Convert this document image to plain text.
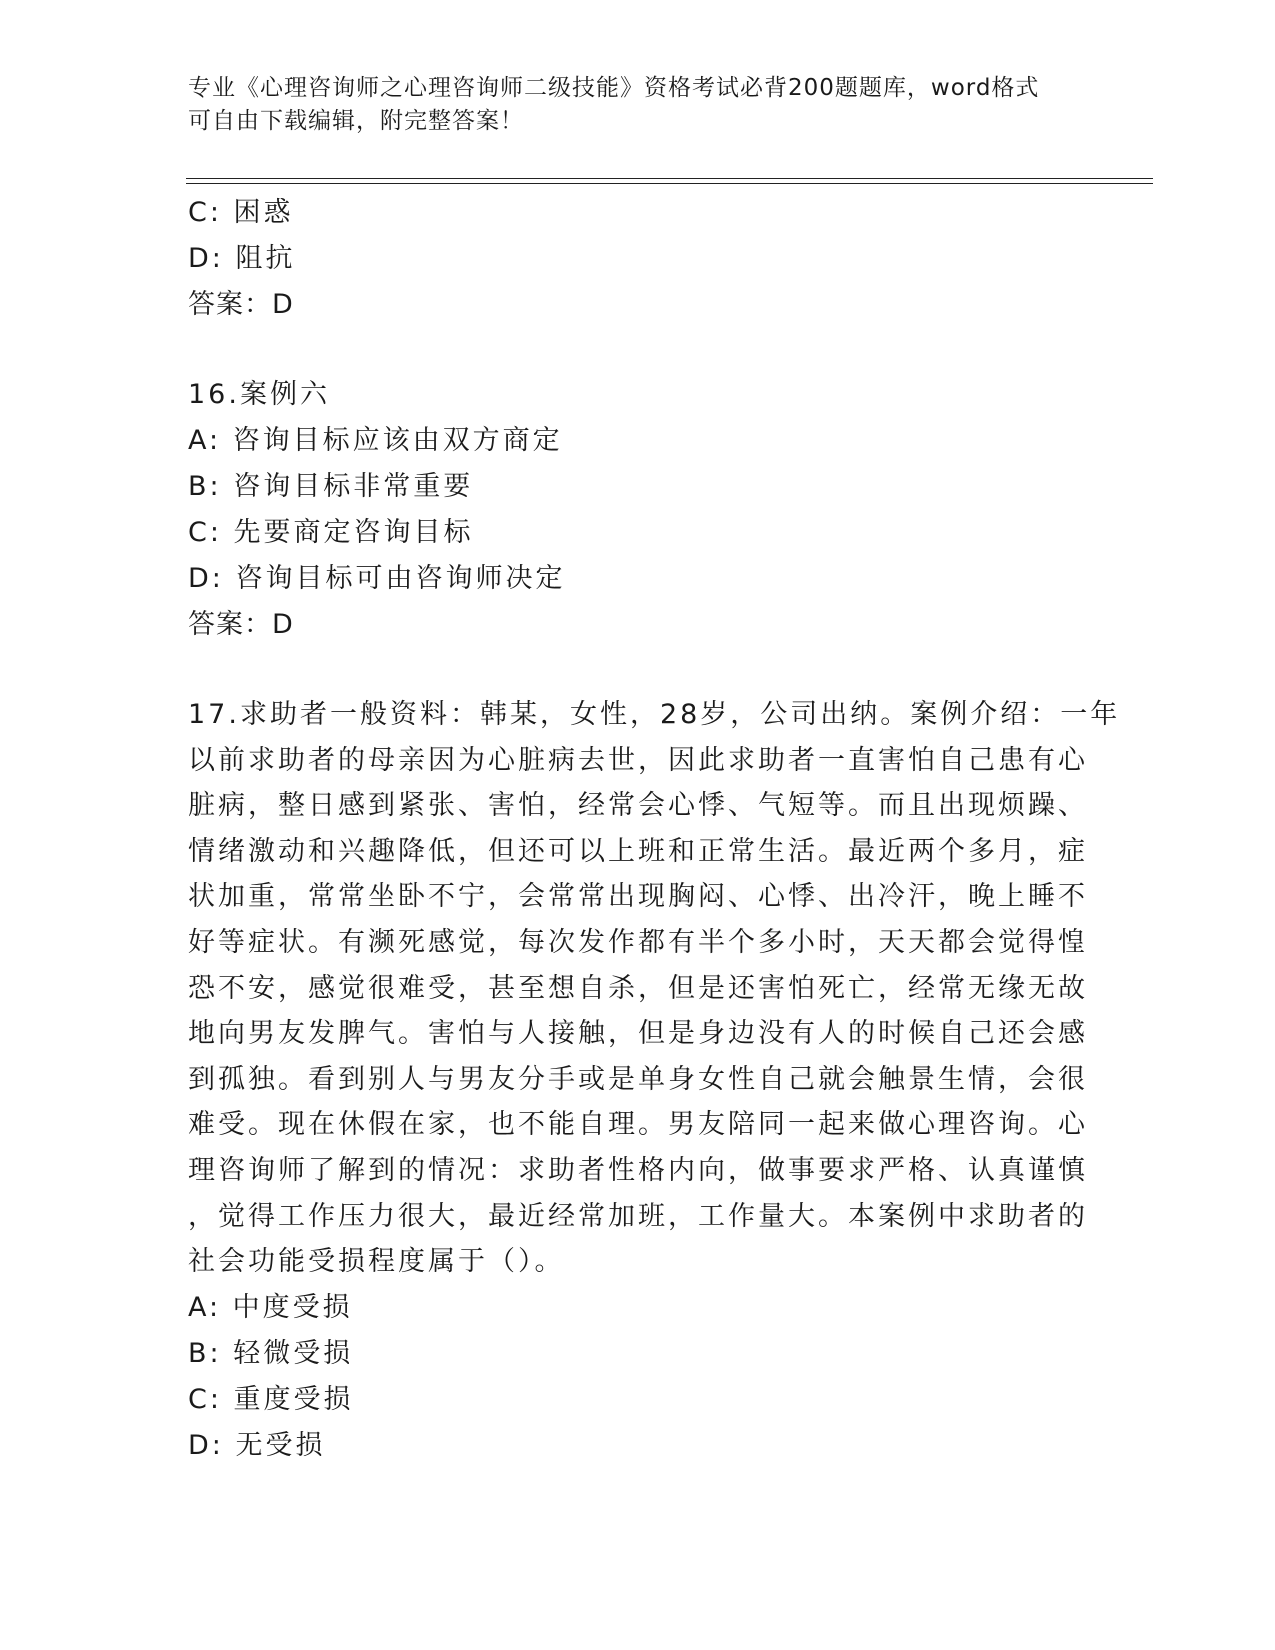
专业《心理咨询师之心理咨询师二级技能》资格考试必背200题题库，word格式
可自由下载编辑，附完整答案！
C: 困惑
D: 阻抗
答案：D
16.案例六
A: 咨询目标应该由双方商定
B: 咨询目标非常重要
C: 先要商定咨询目标
D: 咨询目标可由咨询师决定
答案：D
17.求助者一般资料：韩某，女性，28岁，公司出纳。案例介绍：一年
以前求助者的母亲因为心脏病去世，因此求助者一直害怕自己患有心
脏病，整日感到紧张、害怕，经常会心悸、气短等。而且出现烦躁、
情绪激动和兴趣降低，但还可以上班和正常生活。最近两个多月，症
状加重，常常坐卧不宁，会常常出现胸闷、心悸、出冷汗，晚上睡不
好等症状。有濒死感觉，每次发作都有半个多小时，天天都会觉得惶
恐不安，感觉很难受，甚至想自杀，但是还害怕死亡，经常无缘无故
地向男友发脾气。害怕与人接触，但是身边没有人的时候自己还会感
到孤独。看到别人与男友分手或是单身女性自己就会触景生情，会很
难受。现在休假在家，也不能自理。男友陪同一起来做心理咨询。心
理咨询师了解到的情况：求助者性格内向，做事要求严格、认真谨慎
，觉得工作压力很大，最近经常加班，工作量大。本案例中求助者的
社会功能受损程度属于（）。
A: 中度受损
B: 轻微受损
C: 重度受损
D: 无受损
